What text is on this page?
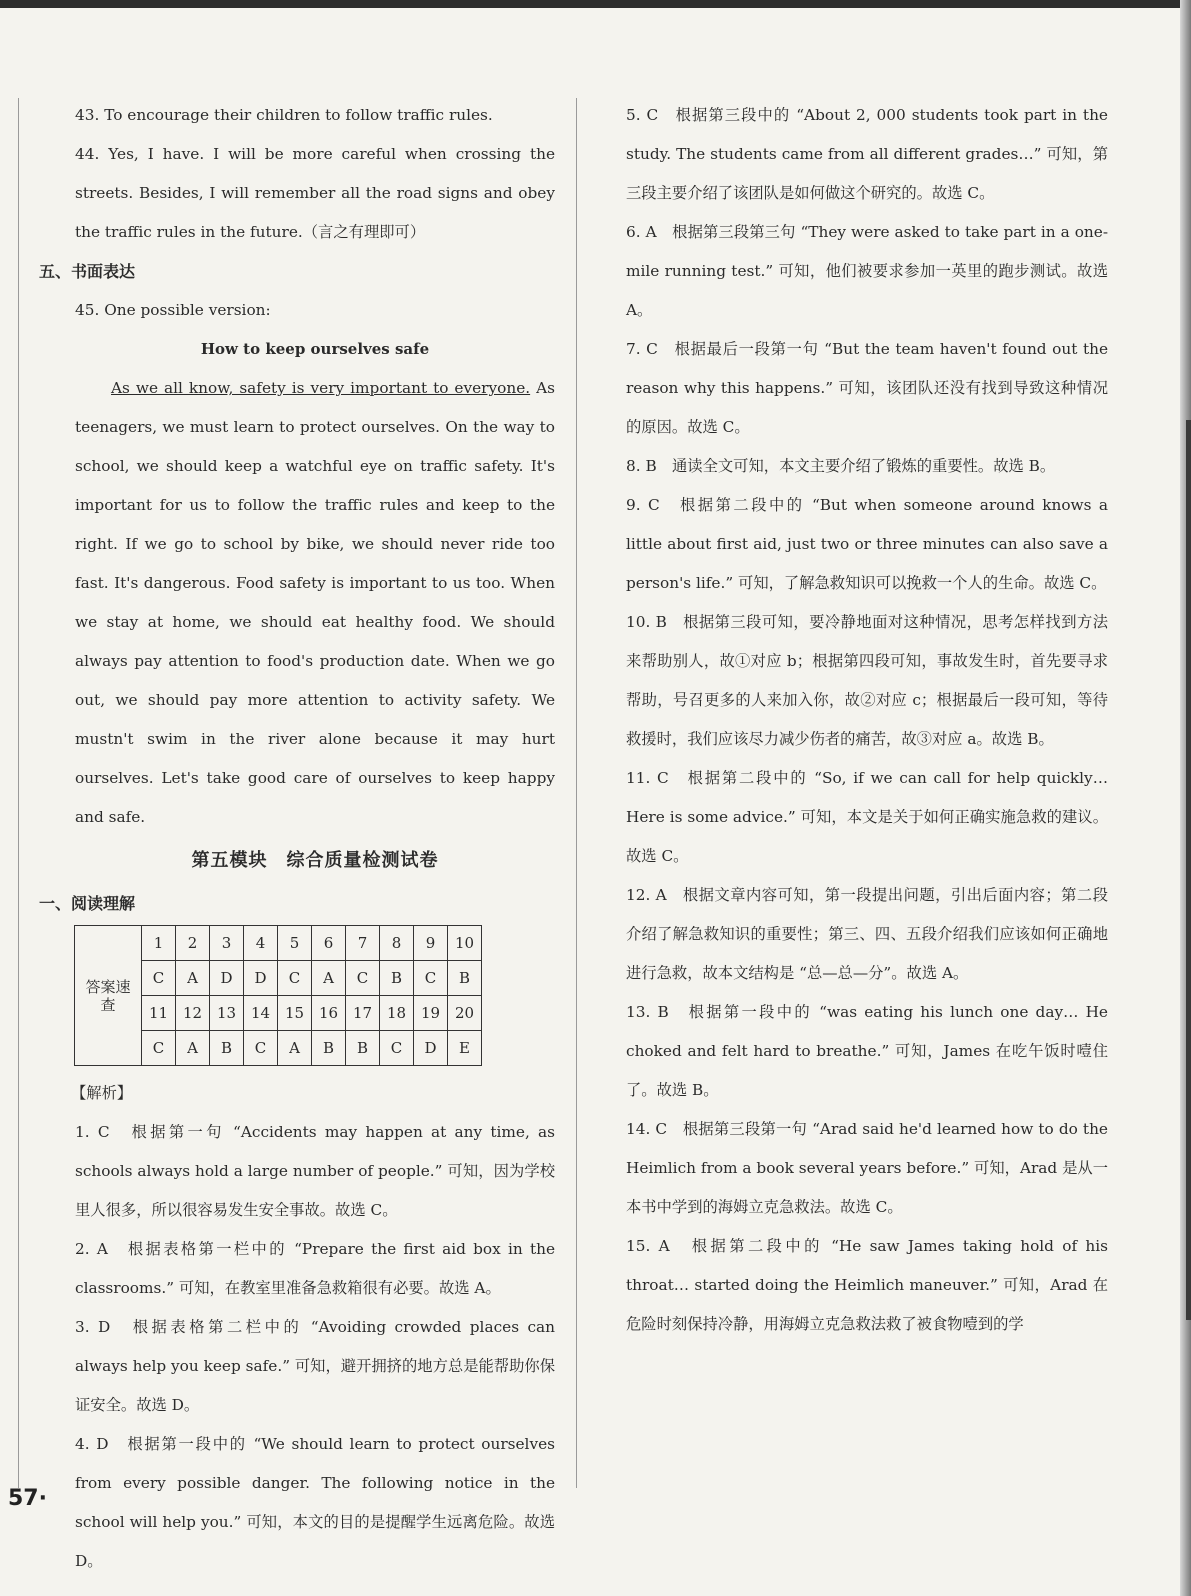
43. To encourage their children to follow traffic rules.

44. Yes, I have. I will be more careful when crossing the streets. Besides, I will remember all the road signs and obey the traffic rules in the future.（言之有理即可）

五、书面表达

45. One possible version:

How to keep ourselves safe

As we all know, safety is very important to everyone. As teenagers, we must learn to protect ourselves. On the way to school, we should keep a watchful eye on traffic safety. It's important for us to follow the traffic rules and keep to the right. If we go to school by bike, we should never ride too fast. It's dangerous. Food safety is important to us too. When we stay at home, we should eat healthy food. We should always pay attention to food's production date. When we go out, we should pay more attention to activity safety. We mustn't swim in the river alone because it may hurt ourselves. Let's take good care of ourselves to keep happy and safe.

第五模块　综合质量检测试卷

一、阅读理解

答案速查	1	2	3	4	5	6	7	8	9	10
	C	A	D	D	C	A	C	B	C	B
	11	12	13	14	15	16	17	18	19	20
	C	A	B	C	A	B	B	C	D	E

【解析】

1. C　根据第一句 “Accidents may happen at any time, as schools always hold a large number of people.” 可知，因为学校里人很多，所以很容易发生安全事故。故选 C。

2. A　根据表格第一栏中的 “Prepare the first aid box in the classrooms.” 可知，在教室里准备急救箱很有必要。故选 A。

3. D　根据表格第二栏中的 “Avoiding crowded places can always help you keep safe.” 可知，避开拥挤的地方总是能帮助你保证安全。故选 D。

4. D　根据第一段中的 “We should learn to protect ourselves from every possible danger. The following notice in the school will help you.” 可知，本文的目的是提醒学生远离危险。故选 D。

5. C　根据第三段中的 “About 2, 000 students took part in the study. The students came from all different grades…” 可知，第三段主要介绍了该团队是如何做这个研究的。故选 C。

6. A　根据第三段第三句 “They were asked to take part in a one-mile running test.” 可知，他们被要求参加一英里的跑步测试。故选 A。

7. C　根据最后一段第一句 “But the team haven't found out the reason why this happens.” 可知，该团队还没有找到导致这种情况的原因。故选 C。

8. B　通读全文可知，本文主要介绍了锻炼的重要性。故选 B。

9. C　根据第二段中的 “But when someone around knows a little about first aid, just two or three minutes can also save a person's life.” 可知，了解急救知识可以挽救一个人的生命。故选 C。

10. B　根据第三段可知，要冷静地面对这种情况，思考怎样找到方法来帮助别人，故①对应 b；根据第四段可知，事故发生时，首先要寻求帮助，号召更多的人来加入你，故②对应 c；根据最后一段可知，等待救援时，我们应该尽力减少伤者的痛苦，故③对应 a。故选 B。

11. C　根据第二段中的 “So, if we can call for help quickly… Here is some advice.” 可知，本文是关于如何正确实施急救的建议。故选 C。

12. A　根据文章内容可知，第一段提出问题，引出后面内容；第二段介绍了解急救知识的重要性；第三、四、五段介绍我们应该如何正确地进行急救，故本文结构是 “总—总—分”。故选 A。

13. B　根据第一段中的 “was eating his lunch one day… He choked and felt hard to breathe.” 可知，James 在吃午饭时噎住了。故选 B。

14. C　根据第三段第一句 “Arad said he'd learned how to do the Heimlich from a book several years before.” 可知，Arad 是从一本书中学到的海姆立克急救法。故选 C。

15. A　根据第二段中的 “He saw James taking hold of his throat… started doing the Heimlich maneuver.” 可知，Arad 在危险时刻保持冷静，用海姆立克急救法救了被食物噎到的学

57·
